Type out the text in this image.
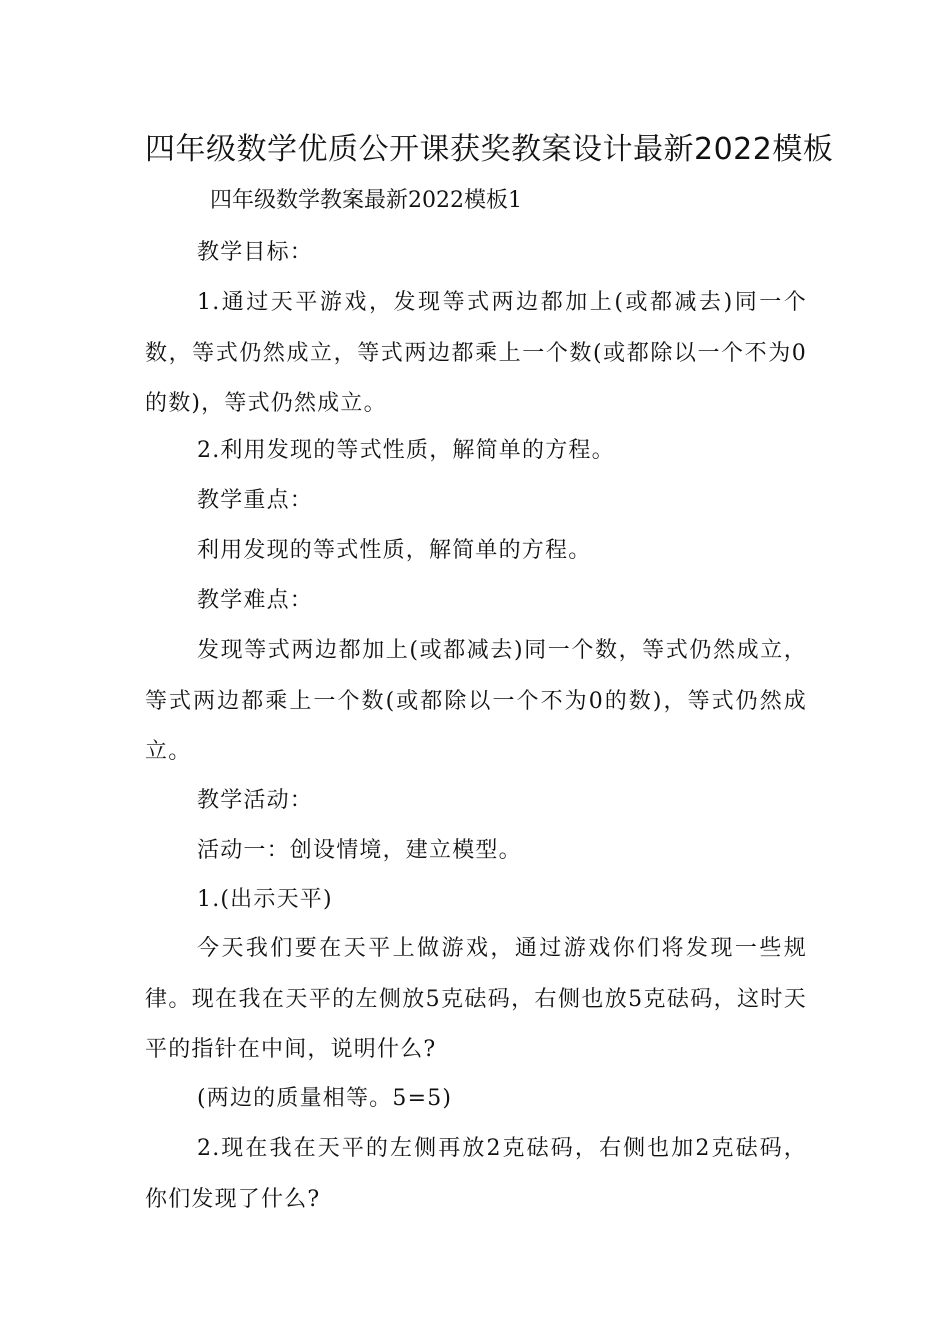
四年级数学优质公开课获奖教案设计最新2022模板
四年级数学教案最新2022模板1

教学目标：

1.通过天平游戏，发现等式两边都加上(或都减去)同一个数，等式仍然成立，等式两边都乘上一个数(或都除以一个不为0的数)，等式仍然成立。

2.利用发现的等式性质，解简单的方程。

教学重点：

利用发现的等式性质，解简单的方程。

教学难点：

发现等式两边都加上(或都减去)同一个数，等式仍然成立，等式两边都乘上一个数(或都除以一个不为0的数)，等式仍然成立。

教学活动：

活动一：创设情境，建立模型。

1.(出示天平)

今天我们要在天平上做游戏，通过游戏你们将发现一些规律。现在我在天平的左侧放5克砝码，右侧也放5克砝码，这时天平的指针在中间，说明什么?

(两边的质量相等。5=5)

2.现在我在天平的左侧再放2克砝码，右侧也加2克砝码，你们发现了什么?
